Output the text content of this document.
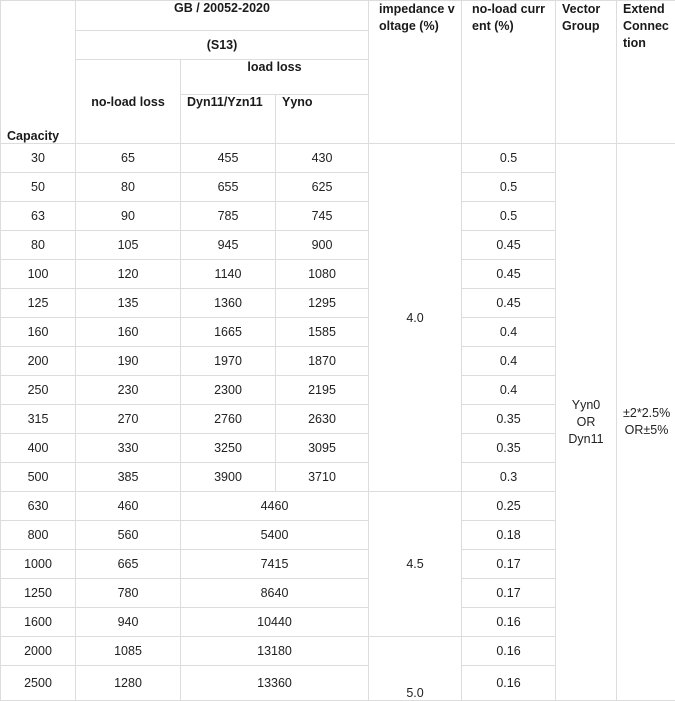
Capacity	GB / 20052-2020			impedance voltage (%)	no-load current (%)	Vector Group	Extend Connection
	(S13)						
	no-load loss	load loss					
		Dyn11/Yzn11	Yyno				
30	65	455	430	4.0	0.5	Yyn0 OR Dyn11	±2*2.5% OR±5%
50	80	655	625		0.5		
63	90	785	745		0.5		
80	105	945	900		0.45		
100	120	1140	1080		0.45		
125	135	1360	1295		0.45		
160	160	1665	1585		0.4		
200	190	1970	1870		0.4		
250	230	2300	2195		0.4		
315	270	2760	2630		0.35		
400	330	3250	3095		0.35		
500	385	3900	3710		0.3		
630	460	4460		4.5	0.25		
800	560	5400			0.18		
1000	665	7415			0.17		
1250	780	8640			0.17		
1600	940	10440			0.16		
2000	1085	13180		5.0	0.16		
2500	1280	13360			0.16		
